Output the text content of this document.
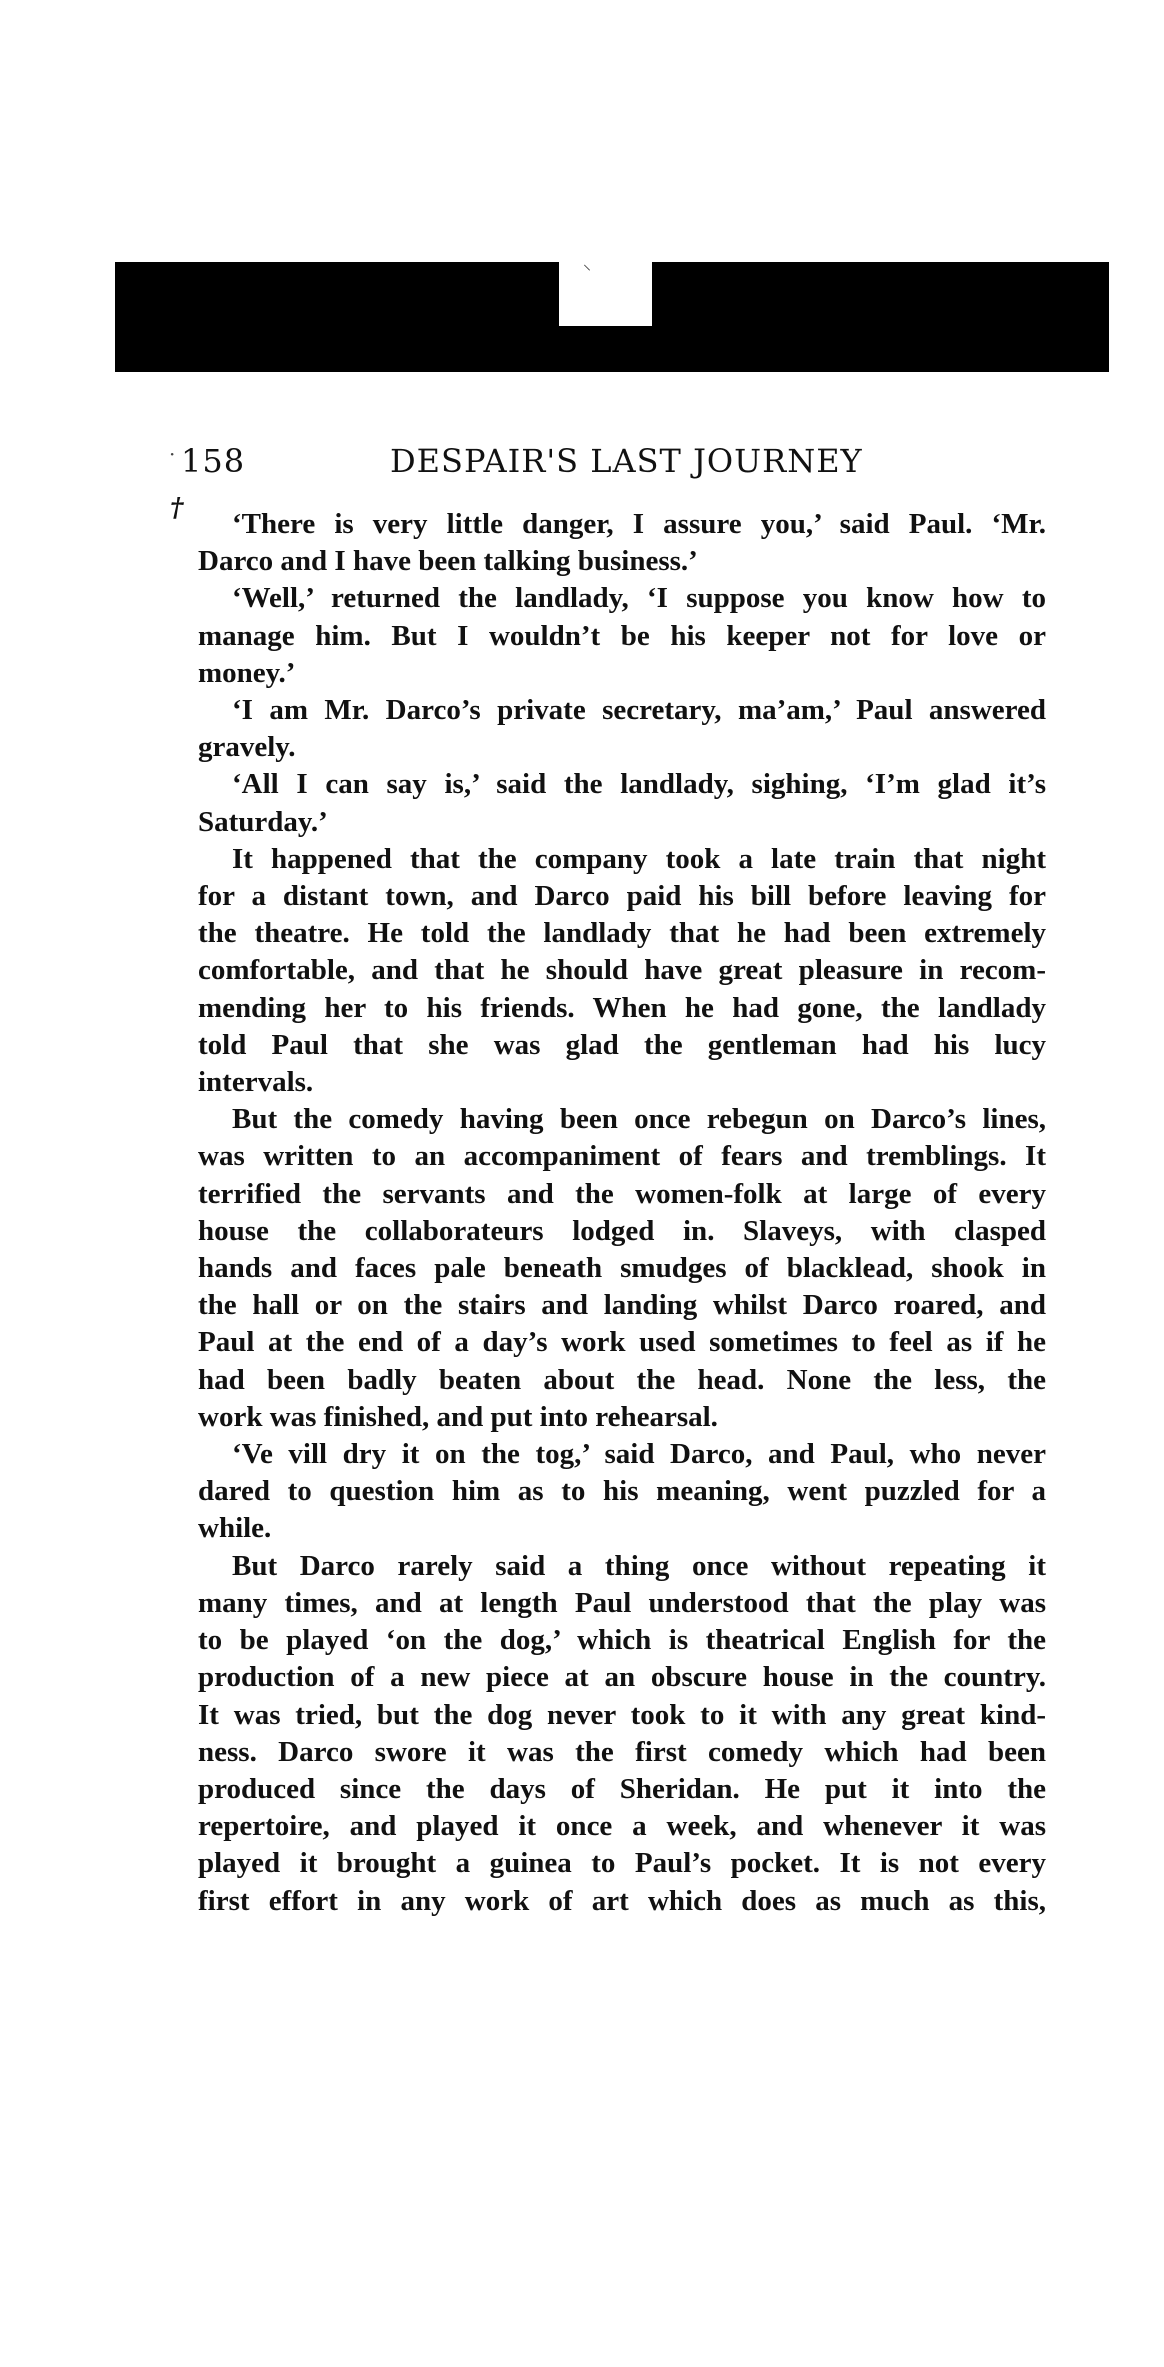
⸌
·
†
158	DESPAIR'S LAST JOURNEY
‘There is very little danger, I assure you,’ said Paul. ‘Mr.
Darco and I have been talking business.’
‘Well,’ returned the landlady, ‘I suppose you know how to
manage him. But I wouldn’t be his keeper not for love or
money.’
‘I am Mr. Darco’s private secretary, ma’am,’ Paul answered
gravely.
‘All I can say is,’ said the landlady, sighing, ‘I’m glad it’s
Saturday.’
It happened that the company took a late train that night
for a distant town, and Darco paid his bill before leaving for
the theatre. He told the landlady that he had been extremely
comfortable, and that he should have great pleasure in recom-
mending her to his friends. When he had gone, the landlady
told Paul that she was glad the gentleman had his lucy
intervals.
But the comedy having been once rebegun on Darco’s lines,
was written to an accompaniment of fears and tremblings. It
terrified the servants and the women-folk at large of every
house the collaborateurs lodged in. Slaveys, with clasped
hands and faces pale beneath smudges of blacklead, shook in
the hall or on the stairs and landing whilst Darco roared, and
Paul at the end of a day’s work used sometimes to feel as if he
had been badly beaten about the head. None the less, the
work was finished, and put into rehearsal.
‘Ve vill dry it on the tog,’ said Darco, and Paul, who never
dared to question him as to his meaning, went puzzled for a
while.
But Darco rarely said a thing once without repeating it
many times, and at length Paul understood that the play was
to be played ‘on the dog,’ which is theatrical English for the
production of a new piece at an obscure house in the country.
It was tried, but the dog never took to it with any great kind-
ness. Darco swore it was the first comedy which had been
produced since the days of Sheridan. He put it into the
repertoire, and played it once a week, and whenever it was
played it brought a guinea to Paul’s pocket. It is not every
first effort in any work of art which does as much as this,
